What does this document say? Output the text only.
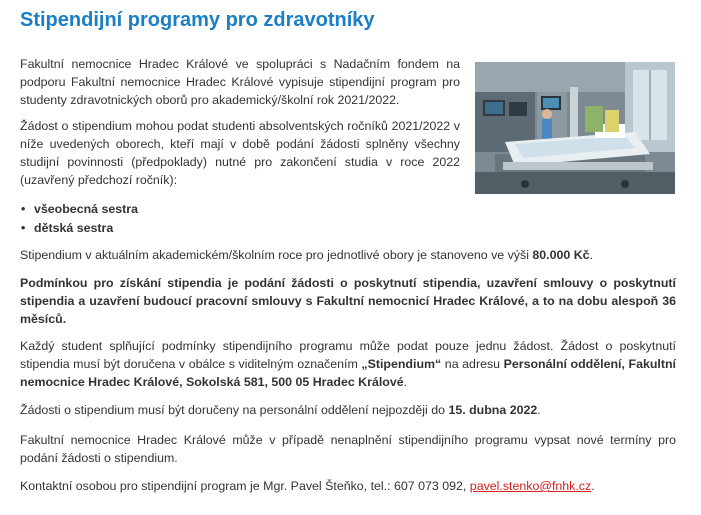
Stipendijní programy pro zdravotníky

Fakultní nemocnice Hradec Králové ve spolupráci s Nadačním fondem na podporu Fakultní nemocnice Hradec Králové vypisuje stipendijní program pro studenty zdravotnických oborů pro akademický/školní rok 2021/2022.

Žádost o stipendium mohou podat studenti absolventských ročníků 2021/2022 v níže uvedených oborech, kteří mají v době podání žádosti splněny všechny studijní povinnosti (předpoklady) nutné pro zakončení studia v roce 2022 (uzavřený předchozí ročník):

• všeobecná sestra
• dětská sestra

Stipendium v aktuálním akademickém/školním roce pro jednotlivé obory je stanoveno ve výši 80.000 Kč.

Podmínkou pro získání stipendia je podání žádosti o poskytnutí stipendia, uzavření smlouvy o poskytnutí stipendia a uzavření budoucí pracovní smlouvy s Fakultní nemocnicí Hradec Králové, a to na dobu alespoň 36 měsíců.

Každý student splňující podmínky stipendijního programu může podat pouze jednu žádost. Žádost o poskytnutí stipendia musí být doručena v obálce s viditelným označením „Stipendium“ na adresu Personální oddělení, Fakultní nemocnice Hradec Králové, Sokolská 581, 500 05 Hradec Králové.

Žádosti o stipendium musí být doručeny na personální oddělení nejpozději do 15. dubna 2022.

Fakultní nemocnice Hradec Králové může v případě nenaplnění stipendijního programu vypsat nové termíny pro podání žádosti o stipendium.

Kontaktní osobou pro stipendijní program je Mgr. Pavel Šteňko, tel.: 607 073 092, pavel.stenko@fnhk.cz.
